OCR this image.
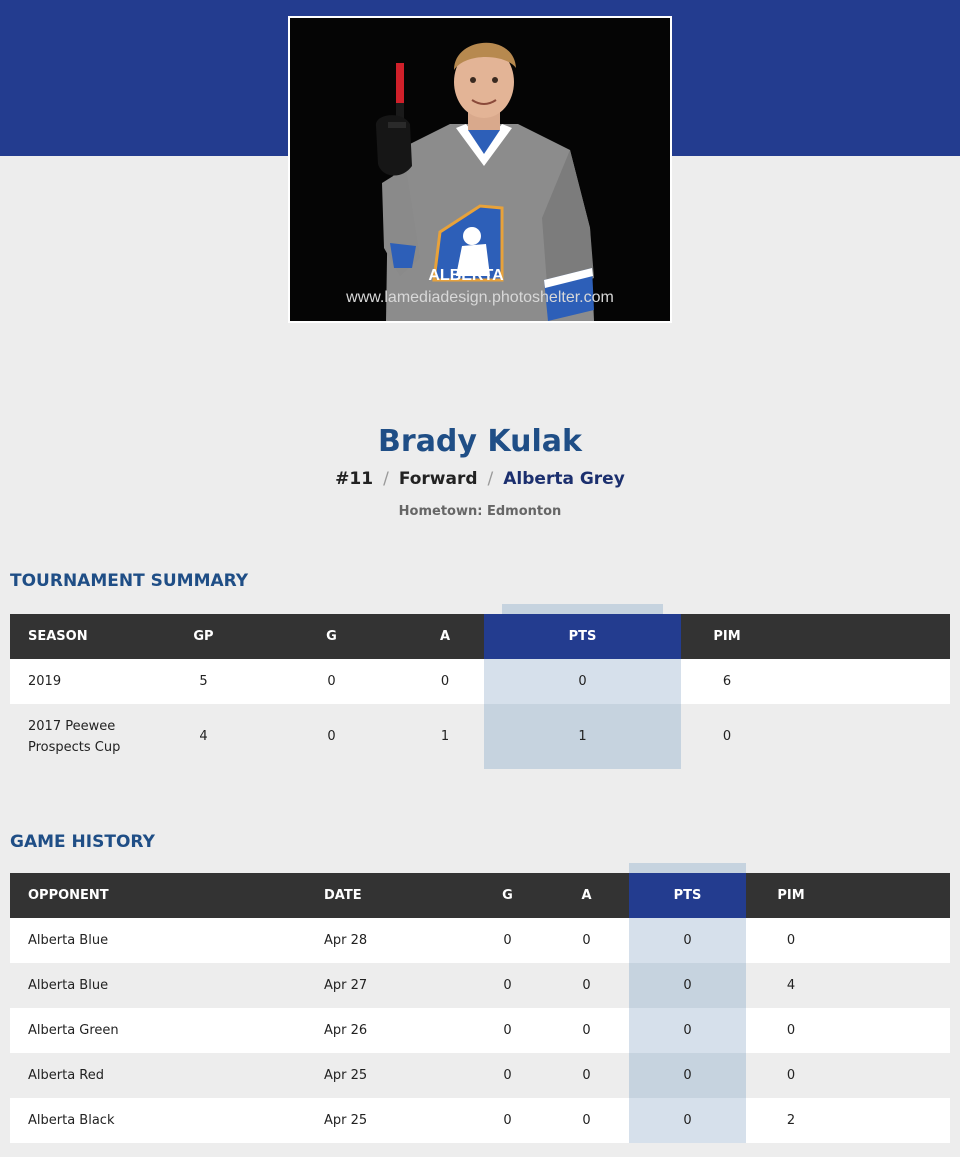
ALBERTA
www.lamediadesign.photoshelter.com
Brady Kulak
#11 / Forward / Alberta Grey
Hometown: Edmonton
TOURNAMENT SUMMARY
SEASON	GP	G	A	PTS	PIM	
2019	5	0	0	0	6	
2017 Peewee Prospects Cup	4	0	1	1	0	
GAME HISTORY
OPPONENT	DATE	G	A	PTS	PIM	
Alberta Blue	Apr 28	0	0	0	0	
Alberta Blue	Apr 27	0	0	0	4	
Alberta Green	Apr 26	0	0	0	0	
Alberta Red	Apr 25	0	0	0	0	
Alberta Black	Apr 25	0	0	0	2	
